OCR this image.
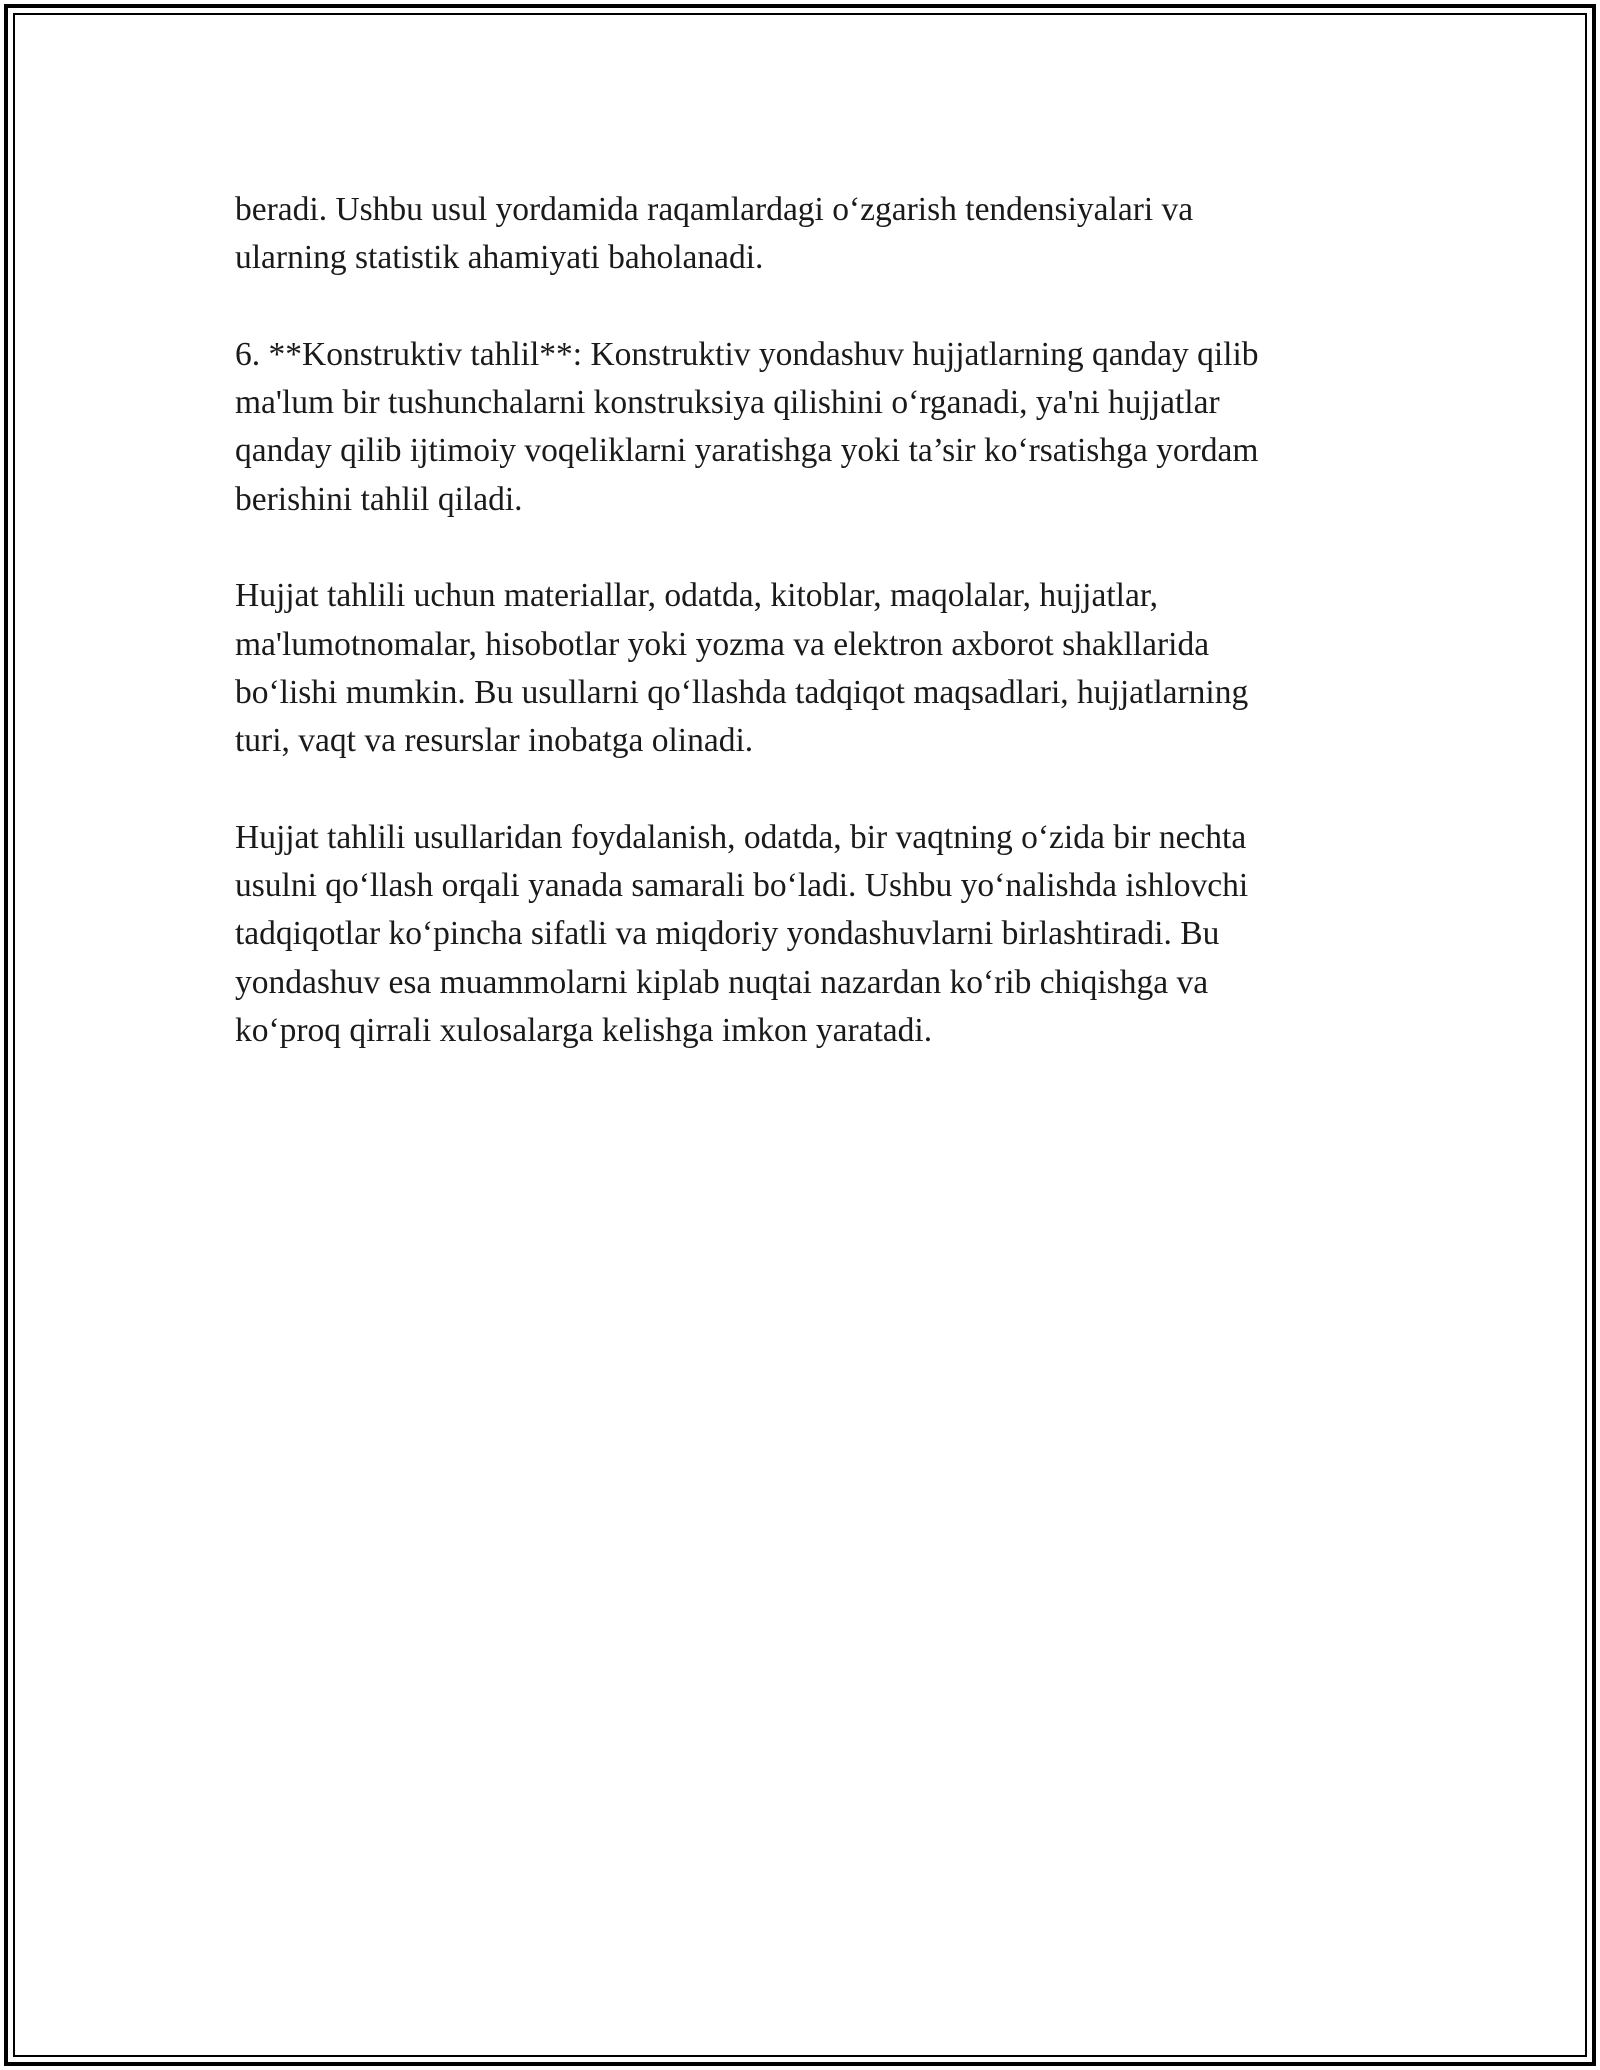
beradi. Ushbu usul yordamida raqamlardagi o‘zgarish tendensiyalari va
ularning statistik ahamiyati baholanadi.

6. **Konstruktiv tahlil**: Konstruktiv yondashuv hujjatlarning qanday qilib
ma'lum bir tushunchalarni konstruksiya qilishini o‘rganadi, ya'ni hujjatlar
qanday qilib ijtimoiy voqeliklarni yaratishga yoki ta’sir ko‘rsatishga yordam
berishini tahlil qiladi.

Hujjat tahlili uchun materiallar, odatda, kitoblar, maqolalar, hujjatlar,
ma'lumotnomalar, hisobotlar yoki yozma va elektron axborot shakllarida
bo‘lishi mumkin. Bu usullarni qo‘llashda tadqiqot maqsadlari, hujjatlarning
turi, vaqt va resurslar inobatga olinadi.

Hujjat tahlili usullaridan foydalanish, odatda, bir vaqtning o‘zida bir nechta
usulni qo‘llash orqali yanada samarali bo‘ladi. Ushbu yo‘nalishda ishlovchi
tadqiqotlar ko‘pincha sifatli va miqdoriy yondashuvlarni birlashtiradi. Bu
yondashuv esa muammolarni kiplab nuqtai nazardan ko‘rib chiqishga va
ko‘proq qirrali xulosalarga kelishga imkon yaratadi.
